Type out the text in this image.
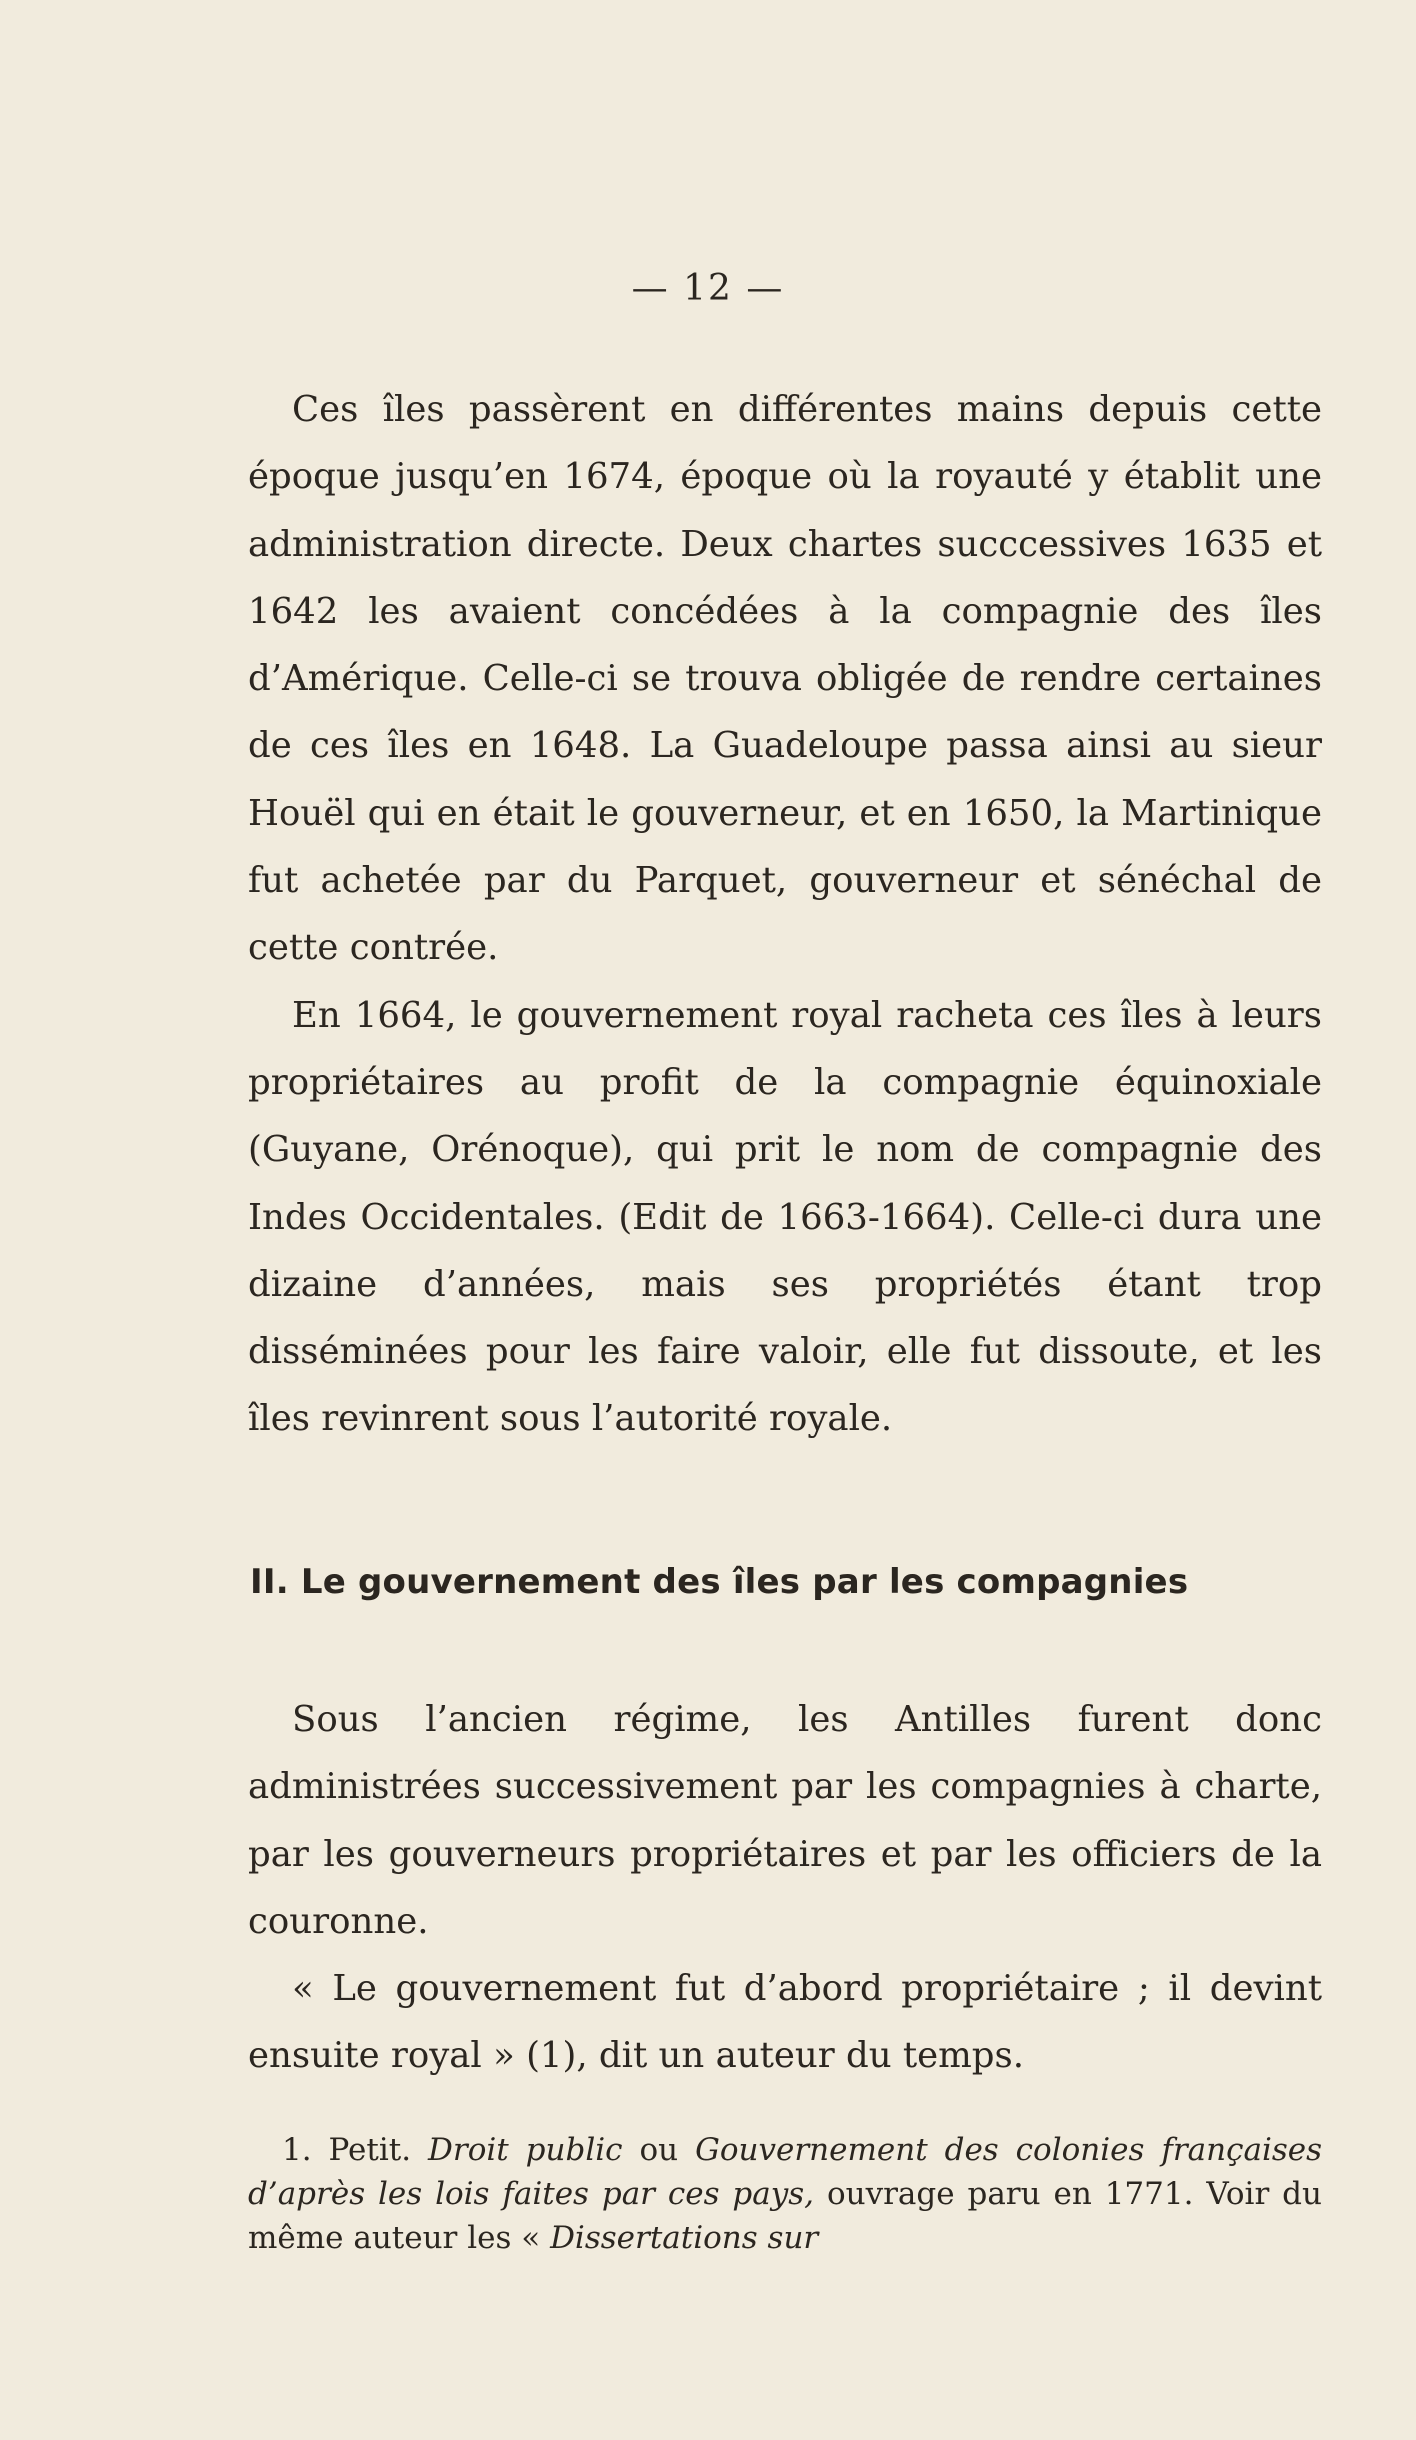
— 12 —

Ces îles passèrent en différentes mains depuis cette époque jusqu’en 1674, époque où la royauté y établit une administration directe. Deux chartes succcessives 1635 et 1642 les avaient concédées à la compagnie des îles d’Amérique. Celle-ci se trouva obligée de rendre certaines de ces îles en 1648. La Guadeloupe passa ainsi au sieur Houël qui en était le gouverneur, et en 1650, la Martinique fut achetée par du Parquet, gouverneur et sénéchal de cette contrée.

En 1664, le gouvernement royal racheta ces îles à leurs propriétaires au profit de la compagnie équinoxiale (Guyane, Orénoque), qui prit le nom de compagnie des Indes Occidentales. (Edit de 1663-1664). Celle-ci dura une dizaine d’années, mais ses propriétés étant trop disséminées pour les faire valoir, elle fut dissoute, et les îles revinrent sous l’autorité royale.

II. Le gouvernement des îles par les compagnies

Sous l’ancien régime, les Antilles furent donc administrées successivement par les compagnies à charte, par les gouverneurs propriétaires et par les officiers de la couronne.

« Le gouvernement fut d’abord propriétaire ; il devint ensuite royal » (1), dit un auteur du temps.

1. Petit. Droit public ou Gouvernement des colonies françaises d’après les lois faites par ces pays, ouvrage paru en 1771. Voir du même auteur les « Dissertations sur
